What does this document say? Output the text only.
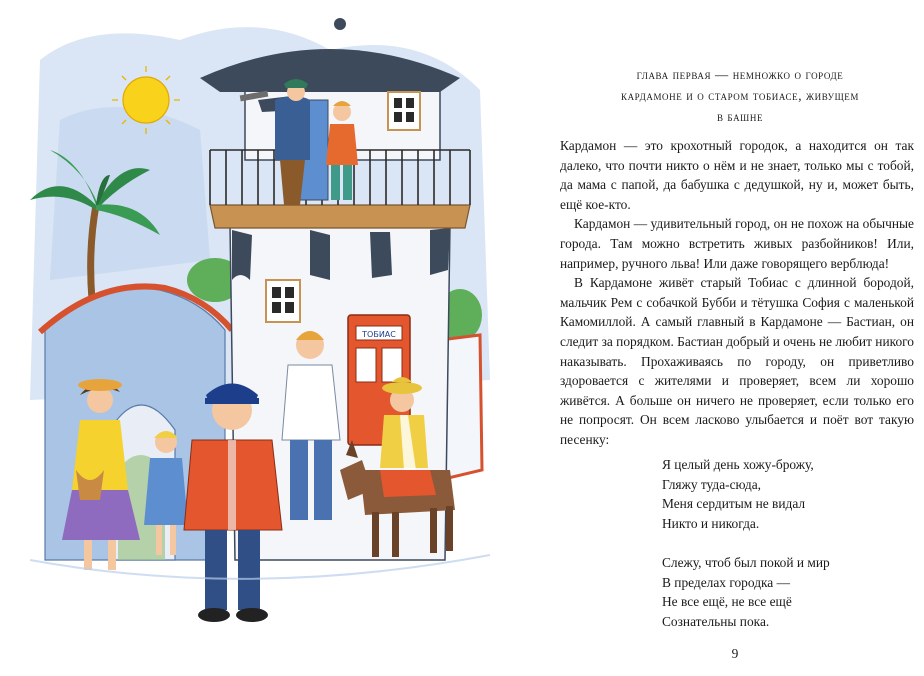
ТОБИАС
глава первая — немножко о городе
кардамоне и о старом тобиасе, живущем
в башне

Кардамон — это крохотный городок, а находится он так далеко, что почти никто о нём и не знает, только мы с тобой, да мама с папой, да бабушка с дедушкой, ну и, может быть, ещё кое-кто.

Кардамон — удивительный город, он не похож на обычные города. Там можно встретить живых разбойников! Или, например, ручного льва! Или даже говорящего верблюда!

В Кардамоне живёт старый Тобиас с длинной бородой, мальчик Рем с собачкой Бубби и тётушка София с маленькой Камомиллой. А самый главный в Кардамоне — Бастиан, он следит за порядком. Бастиан добрый и очень не любит никого наказывать. Прохаживаясь по городу, он приветливо здоровается с жителями и проверяет, всем ли хорошо живётся. А больше он ничего не проверяет, если только его не попросят. Он всем ласково улыбается и поёт вот такую песенку:

Я целый день хожу-брожу,
Гляжу туда-сюда,
Меня сердитым не видал
Никто и никогда.
Слежу, чтоб был покой и мир
В пределах городка —
Не все ещё, не все ещё
Сознательны пока.
9
